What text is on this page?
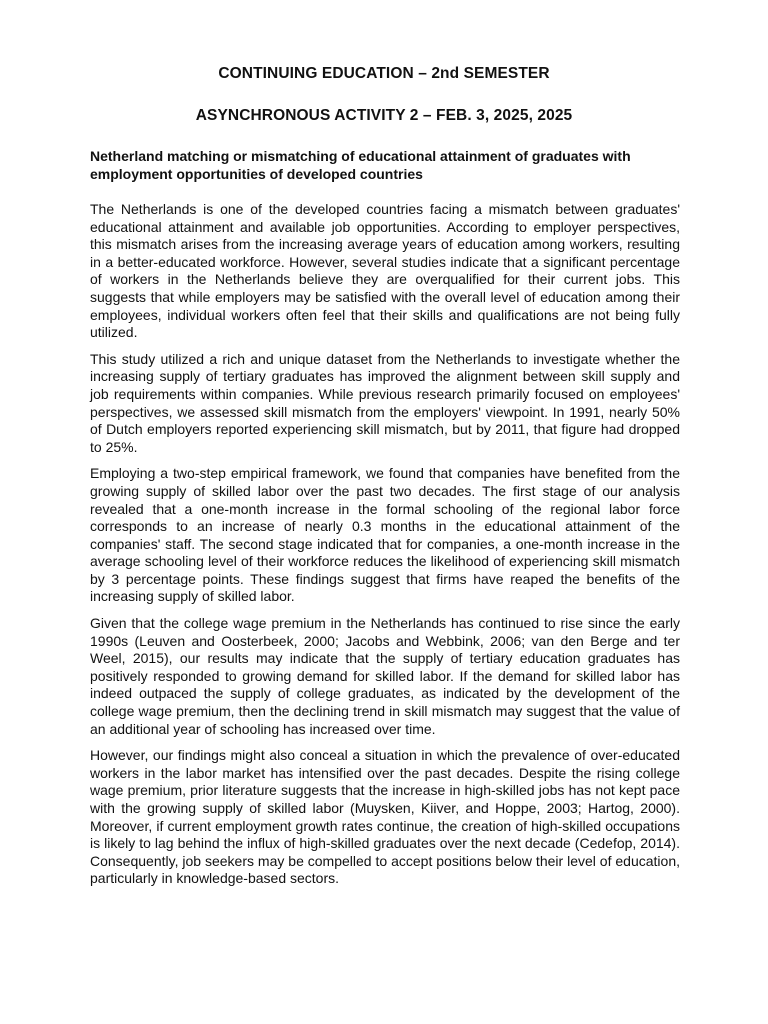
CONTINUING EDUCATION – 2nd SEMESTER
ASYNCHRONOUS ACTIVITY 2 – FEB. 3, 2025, 2025
Netherland matching or mismatching of educational attainment of graduates with employment opportunities of developed countries

The Netherlands is one of the developed countries facing a mismatch between graduates' educational attainment and available job opportunities. According to employer perspectives, this mismatch arises from the increasing average years of education among workers, resulting in a better-educated workforce. However, several studies indicate that a significant percentage of workers in the Netherlands believe they are overqualified for their current jobs. This suggests that while employers may be satisfied with the overall level of education among their employees, individual workers often feel that their skills and qualifications are not being fully utilized.

This study utilized a rich and unique dataset from the Netherlands to investigate whether the increasing supply of tertiary graduates has improved the alignment between skill supply and job requirements within companies. While previous research primarily focused on employees' perspectives, we assessed skill mismatch from the employers' viewpoint. In 1991, nearly 50% of Dutch employers reported experiencing skill mismatch, but by 2011, that figure had dropped to 25%.

Employing a two-step empirical framework, we found that companies have benefited from the growing supply of skilled labor over the past two decades. The first stage of our analysis revealed that a one-month increase in the formal schooling of the regional labor force corresponds to an increase of nearly 0.3 months in the educational attainment of the companies' staff. The second stage indicated that for companies, a one-month increase in the average schooling level of their workforce reduces the likelihood of experiencing skill mismatch by 3 percentage points. These findings suggest that firms have reaped the benefits of the increasing supply of skilled labor.

Given that the college wage premium in the Netherlands has continued to rise since the early 1990s (Leuven and Oosterbeek, 2000; Jacobs and Webbink, 2006; van den Berge and ter Weel, 2015), our results may indicate that the supply of tertiary education graduates has positively responded to growing demand for skilled labor. If the demand for skilled labor has indeed outpaced the supply of college graduates, as indicated by the development of the college wage premium, then the declining trend in skill mismatch may suggest that the value of an additional year of schooling has increased over time.

However, our findings might also conceal a situation in which the prevalence of over-educated workers in the labor market has intensified over the past decades. Despite the rising college wage premium, prior literature suggests that the increase in high-skilled jobs has not kept pace with the growing supply of skilled labor (Muysken, Kiiver, and Hoppe, 2003; Hartog, 2000). Moreover, if current employment growth rates continue, the creation of high-skilled occupations is likely to lag behind the influx of high-skilled graduates over the next decade (Cedefop, 2014). Consequently, job seekers may be compelled to accept positions below their level of education, particularly in knowledge-based sectors.
